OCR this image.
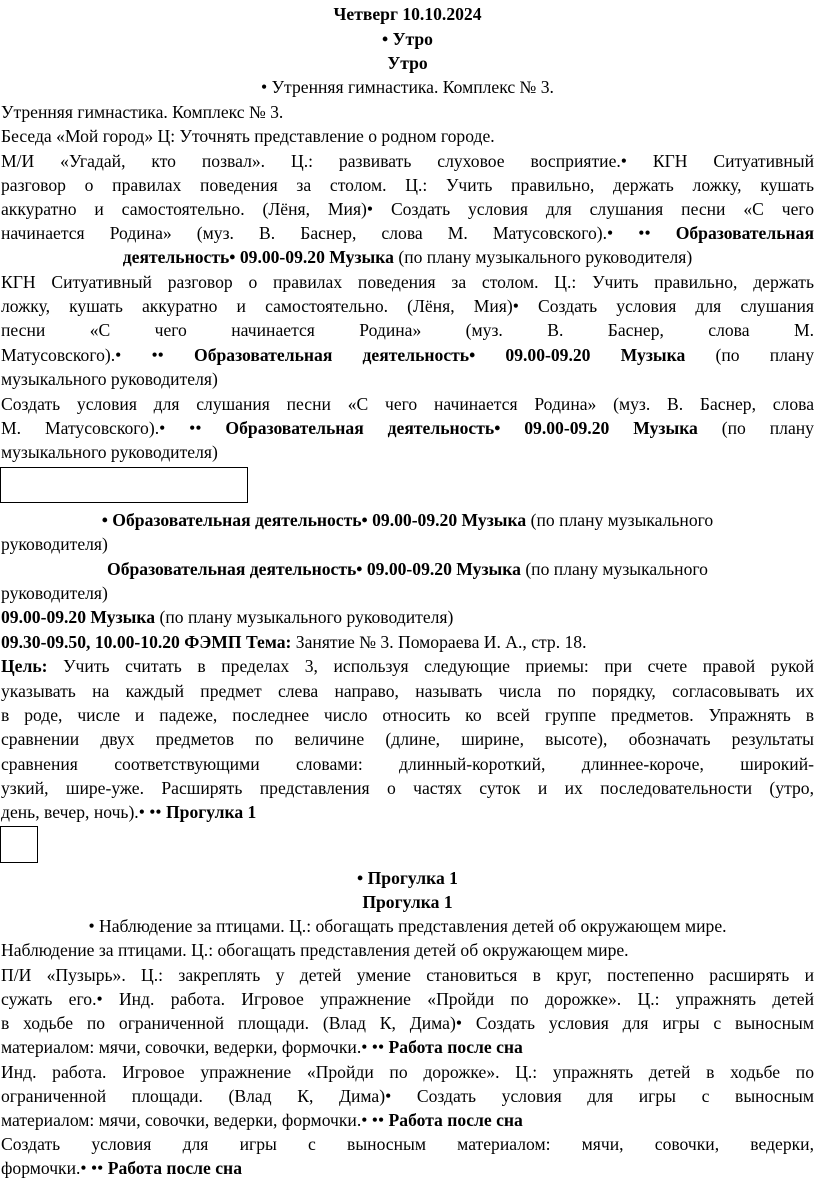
Четверг 10.10.2024
• Утро
Утро
• Утренняя гимнастика. Комплекс № 3.
Утренняя гимнастика. Комплекс № 3.
Беседа «Мой город» Ц: Уточнять представление о родном городе.
М/И «Угадай, кто позвал». Ц.: развивать слуховое восприятие.• КГН Ситуативный
разговор о правилах поведения за столом. Ц.: Учить правильно, держать ложку, кушать
аккуратно и самостоятельно. (Лёня, Мия)• Создать условия для слушания песни «С чего
начинается Родина» (муз. В. Баснер, слова М. Матусовского).• •• Образовательная
деятельность• 09.00-09.20 Музыка (по плану музыкального руководителя)
КГН Ситуативный разговор о правилах поведения за столом. Ц.: Учить правильно, держать
ложку, кушать аккуратно и самостоятельно. (Лёня, Мия)• Создать условия для слушания
песни «С чего начинается Родина» (муз. В. Баснер, слова М.
Матусовского).• •• Образовательная деятельность• 09.00-09.20 Музыка (по плану
музыкального руководителя)
Создать условия для слушания песни «С чего начинается Родина» (муз. В. Баснер, слова
М. Матусовского).• •• Образовательная деятельность• 09.00-09.20 Музыка (по плану
музыкального руководителя)
• Образовательная деятельность• 09.00-09.20 Музыка (по плану музыкального
руководителя)
Образовательная деятельность• 09.00-09.20 Музыка (по плану музыкального
руководителя)
09.00-09.20 Музыка (по плану музыкального руководителя)
09.30-09.50, 10.00-10.20 ФЭМП Тема: Занятие № 3. Помораева И. А., стр. 18.
Цель: Учить считать в пределах 3, используя следующие приемы: при счете правой рукой
указывать на каждый предмет слева направо, называть числа по порядку, согласовывать их
в роде, числе и падеже, последнее число относить ко всей группе предметов. Упражнять в
сравнении двух предметов по величине (длине, ширине, высоте), обозначать результаты
сравнения соответствующими словами: длинный-короткий, длиннее-короче, широкий-
узкий, шире-уже. Расширять представления о частях суток и их последовательности (утро,
день, вечер, ночь).• •• Прогулка 1
• Прогулка 1
Прогулка 1
• Наблюдение за птицами. Ц.: обогащать представления детей об окружающем мире.
Наблюдение за птицами. Ц.: обогащать представления детей об окружающем мире.
П/И «Пузырь». Ц.: закреплять у детей умение становиться в круг, постепенно расширять и
сужать его.• Инд. работа. Игровое упражнение «Пройди по дорожке». Ц.: упражнять детей
в ходьбе по ограниченной площади. (Влад К, Дима)• Создать условия для игры с выносным
материалом: мячи, совочки, ведерки, формочки.• •• Работа после сна
Инд. работа. Игровое упражнение «Пройди по дорожке». Ц.: упражнять детей в ходьбе по
ограниченной площади. (Влад К, Дима)• Создать условия для игры с выносным
материалом: мячи, совочки, ведерки, формочки.• •• Работа после сна
Создать условия для игры с выносным материалом: мячи, совочки, ведерки,
формочки.• •• Работа после сна
